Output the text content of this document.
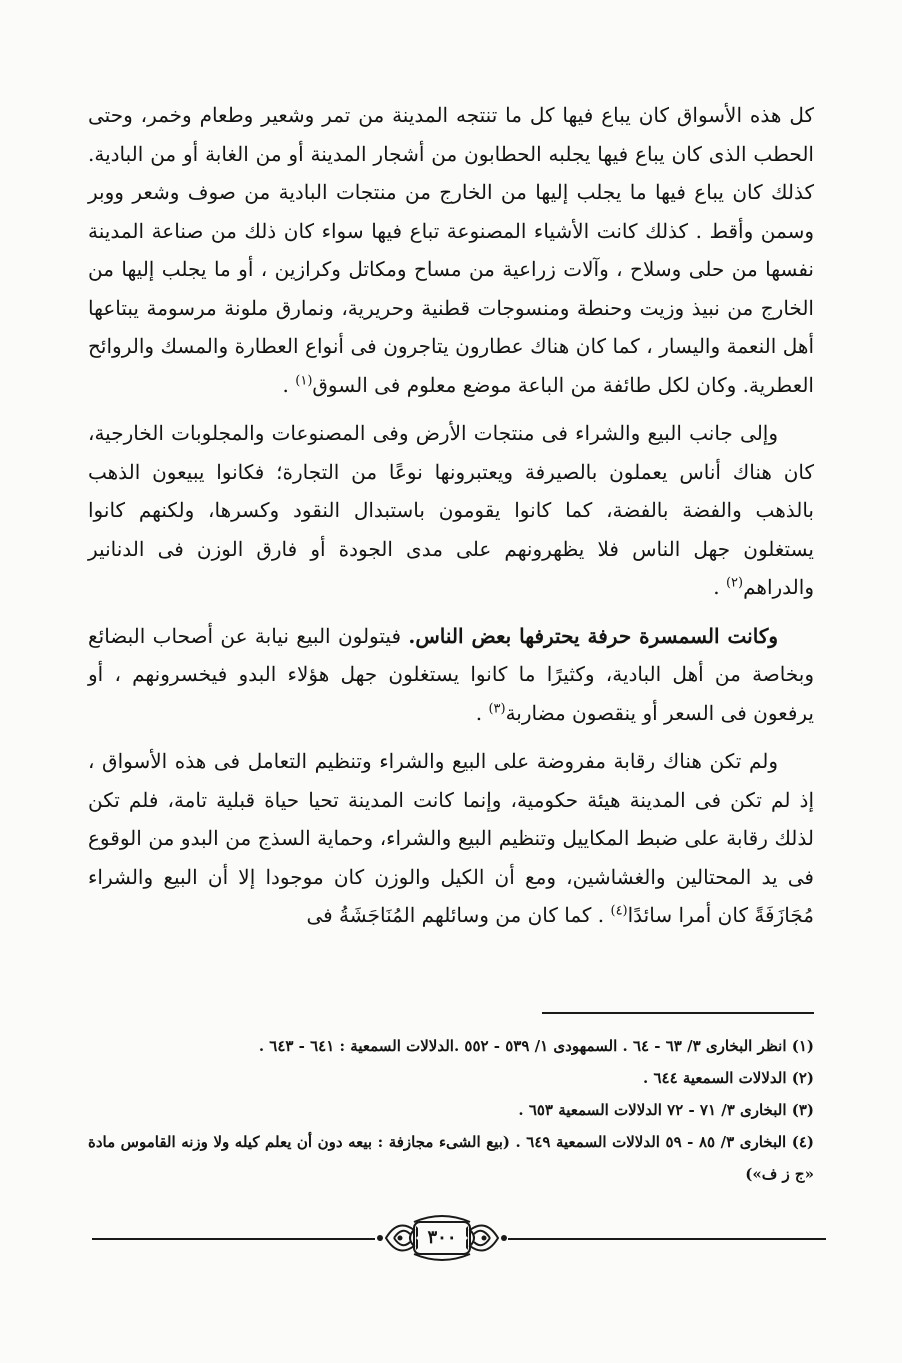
كل هذه الأسواق كان يباع فيها كل ما تنتجه المدينة من تمر وشعير وطعام وخمر، وحتى الحطب الذى كان يباع فيها يجلبه الحطابون من أشجار المدينة أو من الغابة أو من البادية. كذلك كان يباع فيها ما يجلب إليها من الخارج من منتجات البادية من صوف وشعر ووبر وسمن وأقط . كذلك كانت الأشياء المصنوعة تباع فيها سواء كان ذلك من صناعة المدينة نفسها من حلى وسلاح ، وآلات زراعية من مساح ومكاتل وكرازين ، أو ما يجلب إليها من الخارج من نبيذ وزيت وحنطة ومنسوجات قطنية وحريرية، ونمارق ملونة مرسومة يبتاعها أهل النعمة واليسار ، كما كان هناك عطارون يتاجرون فى أنواع العطارة والمسك والروائح العطرية. وكان لكل طائفة من الباعة موضع معلوم فى السوق$^{(١)}$ .

وإلى جانب البيع والشراء فى منتجات الأرض وفى المصنوعات والمجلوبات الخارجية، كان هناك أناس يعملون بالصيرفة ويعتبرونها نوعًا من التجارة؛ فكانوا يبيعون الذهب بالذهب والفضة بالفضة، كما كانوا يقومون باستبدال النقود وكسرها، ولكنهم كانوا يستغلون جهل الناس فلا يظهرونهم على مدى الجودة أو فارق الوزن فى الدنانير والدراهم$^{(٢)}$ .

وكانت السمسرة حرفة يحترفها بعض الناس. فيتولون البيع نيابة عن أصحاب البضائع وبخاصة من أهل البادية، وكثيرًا ما كانوا يستغلون جهل هؤلاء البدو فيخسرونهم ، أو يرفعون فى السعر أو ينقصون مضاربة$^{(٣)}$ .

ولم تكن هناك رقابة مفروضة على البيع والشراء وتنظيم التعامل فى هذه الأسواق ، إذ لم تكن فى المدينة هيئة حكومية، وإنما كانت المدينة تحيا حياة قبلية تامة، فلم تكن لذلك رقابة على ضبط المكاييل وتنظيم البيع والشراء، وحماية السذج من البدو من الوقوع فى يد المحتالين والغشاشين، ومع أن الكيل والوزن كان موجودا إلا أن البيع والشراء مُجَازَفَةً كان أمرا سائدًا$^{(٤)}$ . كما كان من وسائلهم المُنَاجَشَةُ فى

(١) انظر البخارى ٣/ ٦٣ - ٦٤ . السمهودى ١/ ٥٣٩ - ٥٥٢ .الدلالات السمعية : ٦٤١ - ٦٤٣ .

(٢) الدلالات السمعية ٦٤٤ .

(٣) البخارى ٣/ ٧١ - ٧٢ الدلالات السمعية ٦٥٣ .

(٤) البخارى ٣/ ٨٥ - ٥٩ الدلالات السمعية ٦٤٩ . (بيع الشىء مجازفة : بيعه دون أن يعلم كيله ولا وزنه القاموس مادة «ج ز ف»)

٣٠٠
